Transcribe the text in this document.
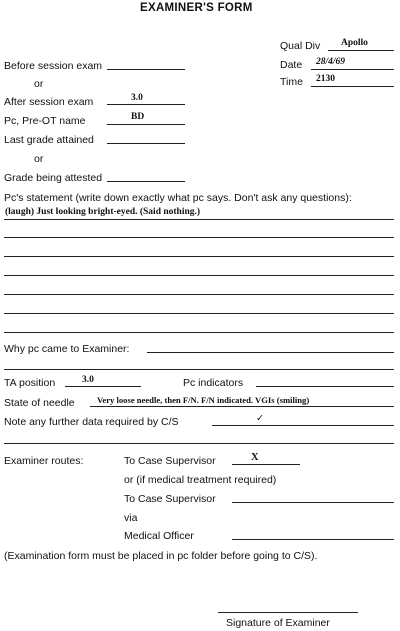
EXAMINER'S FORM
Qual Div Apollo
Date 28/4/69
Time 2130
Before session exam
or
After session exam	3.0
Pc, Pre-OT name	BD
Last grade attained
or
Grade being attested
Pc's statement (write down exactly what pc says. Don't ask any questions):
(laugh) Just looking bright-eyed. (Said nothing.)
Why pc came to Examiner:
TA position	3.0	Pc indicators
State of needle	Very loose needle, then F/N. F/N indicated. VGIs (smiling)
Note any further data required by C/S	✓
Examiner routes:	To Case Supervisor	X
or (if medical treatment required)
To Case Supervisor
via
Medical Officer
(Examination form must be placed in pc folder before going to C/S).
Signature of Examiner
